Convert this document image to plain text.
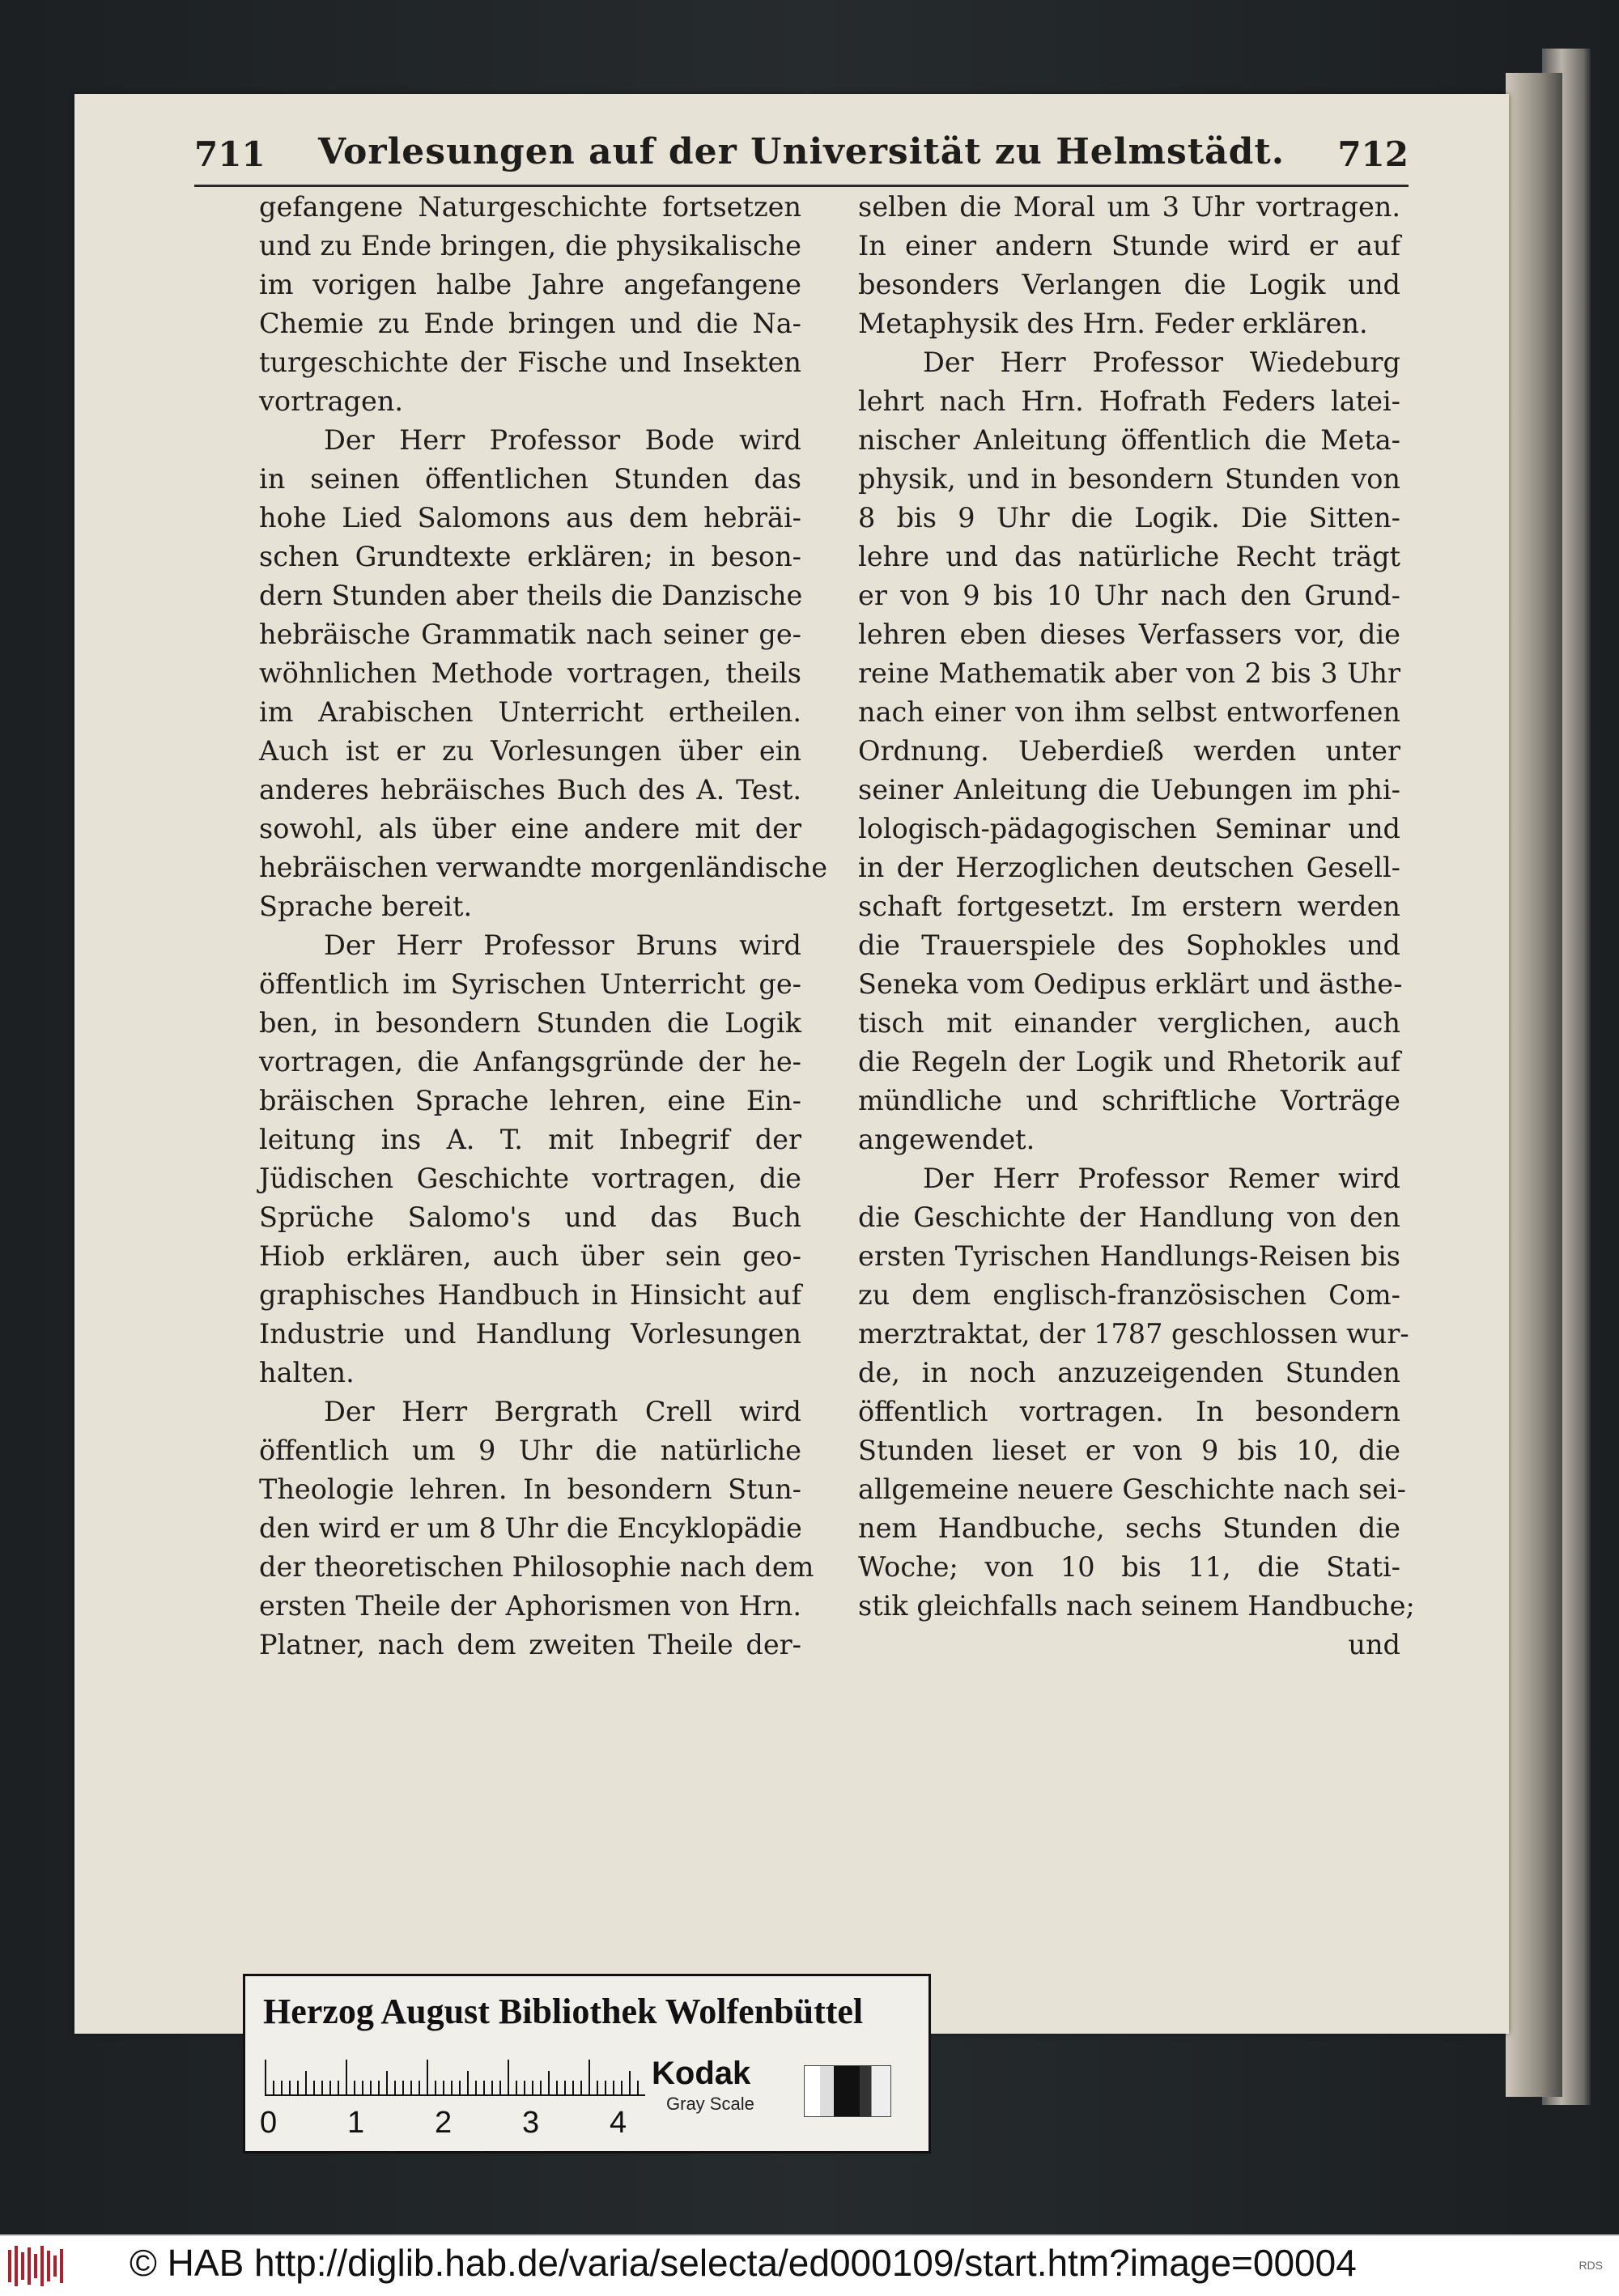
711	Vorlesungen auf der Universität zu Helmstädt.	712
gefangene Naturgeschichte fortsetzen
und zu Ende bringen, die physikalische
im vorigen halbe Jahre angefangene
Chemie zu Ende bringen und die Na-
turgeschichte der Fische und Insekten
vortragen.
Der Herr Professor Bode wird
in seinen öffentlichen Stunden das
hohe Lied Salomons aus dem hebräi-
schen Grundtexte erklären; in beson-
dern Stunden aber theils die Danzische
hebräische Grammatik nach seiner ge-
wöhnlichen Methode vortragen, theils
im Arabischen Unterricht ertheilen.
Auch ist er zu Vorlesungen über ein
anderes hebräisches Buch des A. Test.
sowohl, als über eine andere mit der
hebräischen verwandte morgenländische
Sprache bereit.
Der Herr Professor Bruns wird
öffentlich im Syrischen Unterricht ge-
ben, in besondern Stunden die Logik
vortragen, die Anfangsgründe der he-
bräischen Sprache lehren, eine Ein-
leitung ins A. T. mit Inbegrif der
Jüdischen Geschichte vortragen, die
Sprüche Salomo's und das Buch
Hiob erklären, auch über sein geo-
graphisches Handbuch in Hinsicht auf
Industrie und Handlung Vorlesungen
halten.
Der Herr Bergrath Crell wird
öffentlich um 9 Uhr die natürliche
Theologie lehren. In besondern Stun-
den wird er um 8 Uhr die Encyklopädie
der theoretischen Philosophie nach dem
ersten Theile der Aphorismen von Hrn.
Platner, nach dem zweiten Theile der-
selben die Moral um 3 Uhr vortragen.
In einer andern Stunde wird er auf
besonders Verlangen die Logik und
Metaphysik des Hrn. Feder erklären.
Der Herr Professor Wiedeburg
lehrt nach Hrn. Hofrath Feders latei-
nischer Anleitung öffentlich die Meta-
physik, und in besondern Stunden von
8 bis 9 Uhr die Logik. Die Sitten-
lehre und das natürliche Recht trägt
er von 9 bis 10 Uhr nach den Grund-
lehren eben dieses Verfassers vor, die
reine Mathematik aber von 2 bis 3 Uhr
nach einer von ihm selbst entworfenen
Ordnung. Ueberdieß werden unter
seiner Anleitung die Uebungen im phi-
lologisch-pädagogischen Seminar und
in der Herzoglichen deutschen Gesell-
schaft fortgesetzt. Im erstern werden
die Trauerspiele des Sophokles und
Seneka vom Oedipus erklärt und ästhe-
tisch mit einander verglichen, auch
die Regeln der Logik und Rhetorik auf
mündliche und schriftliche Vorträge
angewendet.
Der Herr Professor Remer wird
die Geschichte der Handlung von den
ersten Tyrischen Handlungs-Reisen bis
zu dem englisch-französischen Com-
merztraktat, der 1787 geschlossen wur-
de, in noch anzuzeigenden Stunden
öffentlich vortragen. In besondern
Stunden lieset er von 9 bis 10, die
allgemeine neuere Geschichte nach sei-
nem Handbuche, sechs Stunden die
Woche; von 10 bis 11, die Stati-
stik gleichfalls nach seinem Handbuche;
und
Herzog August Bibliothek Wolfenbüttel
0 1 2 3 4
Kodak
Gray Scale
© HAB http://diglib.hab.de/varia/selecta/ed000109/start.htm?image=00004	RDS
